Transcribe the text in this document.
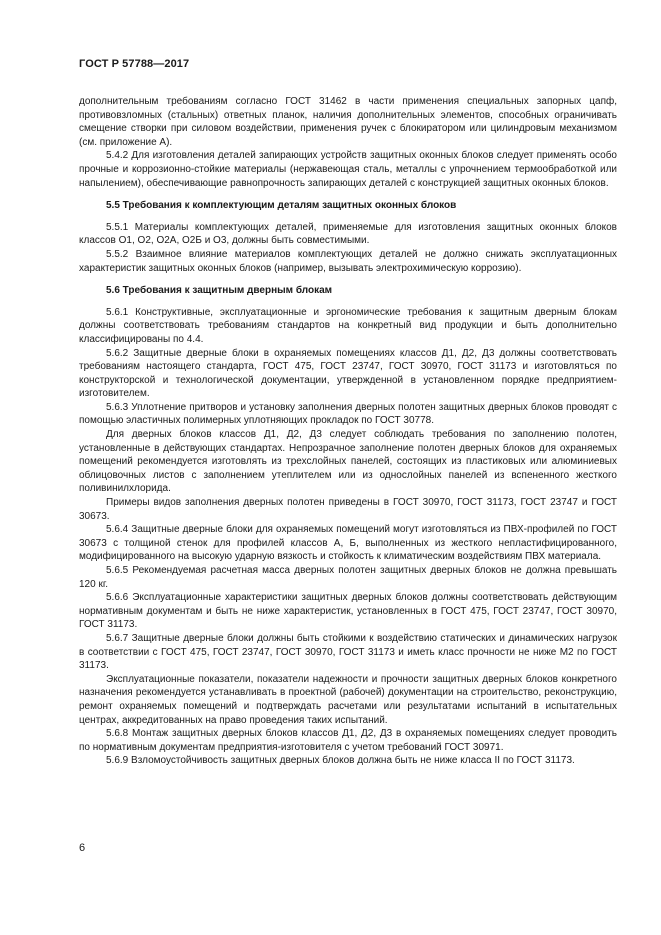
ГОСТ Р 57788—2017

дополнительным требованиям согласно ГОСТ 31462 в части применения специальных запорных цапф, противовзломных (стальных) ответных планок, наличия дополнительных элементов, способных ограничивать смещение створки при силовом воздействии, применения ручек с блокиратором или цилиндровым механизмом (см. приложение А).

5.4.2 Для изготовления деталей запирающих устройств защитных оконных блоков следует применять особо прочные и коррозионно-стойкие материалы (нержавеющая сталь, металлы с упрочнением термообработкой или напылением), обеспечивающие равнопрочность запирающих деталей с конструкцией защитных оконных блоков.

5.5 Требования к комплектующим деталям защитных оконных блоков

5.5.1 Материалы комплектующих деталей, применяемые для изготовления защитных оконных блоков классов О1, О2, О2А, О2Б и О3, должны быть совместимыми.

5.5.2 Взаимное влияние материалов комплектующих деталей не должно снижать эксплуатационных характеристик защитных оконных блоков (например, вызывать электрохимическую коррозию).

5.6 Требования к защитным дверным блокам

5.6.1 Конструктивные, эксплуатационные и эргономические требования к защитным дверным блокам должны соответствовать требованиям стандартов на конкретный вид продукции и быть дополнительно классифицированы по 4.4.

5.6.2 Защитные дверные блоки в охраняемых помещениях классов Д1, Д2, Д3 должны соответствовать требованиям настоящего стандарта, ГОСТ 475, ГОСТ 23747, ГОСТ 30970, ГОСТ 31173 и изготовляться по конструкторской и технологической документации, утвержденной в установленном порядке предприятием-изготовителем.

5.6.3 Уплотнение притворов и установку заполнения дверных полотен защитных дверных блоков проводят с помощью эластичных полимерных уплотняющих прокладок по ГОСТ 30778.

Для дверных блоков классов Д1, Д2, Д3 следует соблюдать требования по заполнению полотен, установленные в действующих стандартах. Непрозрачное заполнение полотен дверных блоков для охраняемых помещений рекомендуется изготовлять из трехслойных панелей, состоящих из пластиковых или алюминиевых облицовочных листов с заполнением утеплителем или из однослойных панелей из вспененного жесткого поливинилхлорида.

Примеры видов заполнения дверных полотен приведены в ГОСТ 30970, ГОСТ 31173, ГОСТ 23747 и ГОСТ 30673.

5.6.4 Защитные дверные блоки для охраняемых помещений могут изготовляться из ПВХ-профилей по ГОСТ 30673 с толщиной стенок для профилей классов А, Б, выполненных из жесткого непластифицированного, модифицированного на высокую ударную вязкость и стойкость к климатическим воздействиям ПВХ материала.

5.6.5 Рекомендуемая расчетная масса дверных полотен защитных дверных блоков не должна превышать 120 кг.

5.6.6 Эксплуатационные характеристики защитных дверных блоков должны соответствовать действующим нормативным документам и быть не ниже характеристик, установленных в ГОСТ 475, ГОСТ 23747, ГОСТ 30970, ГОСТ 31173.

5.6.7 Защитные дверные блоки должны быть стойкими к воздействию статических и динамических нагрузок в соответствии с ГОСТ 475, ГОСТ 23747, ГОСТ 30970, ГОСТ 31173 и иметь класс прочности не ниже М2 по ГОСТ 31173.

Эксплуатационные показатели, показатели надежности и прочности защитных дверных блоков конкретного назначения рекомендуется устанавливать в проектной (рабочей) документации на строительство, реконструкцию, ремонт охраняемых помещений и подтверждать расчетами или результатами испытаний в испытательных центрах, аккредитованных на право проведения таких испытаний.

5.6.8 Монтаж защитных дверных блоков классов Д1, Д2, Д3 в охраняемых помещениях следует проводить по нормативным документам предприятия-изготовителя с учетом требований ГОСТ 30971.

5.6.9 Взломоустойчивость защитных дверных блоков должна быть не ниже класса II по ГОСТ 31173.

6
